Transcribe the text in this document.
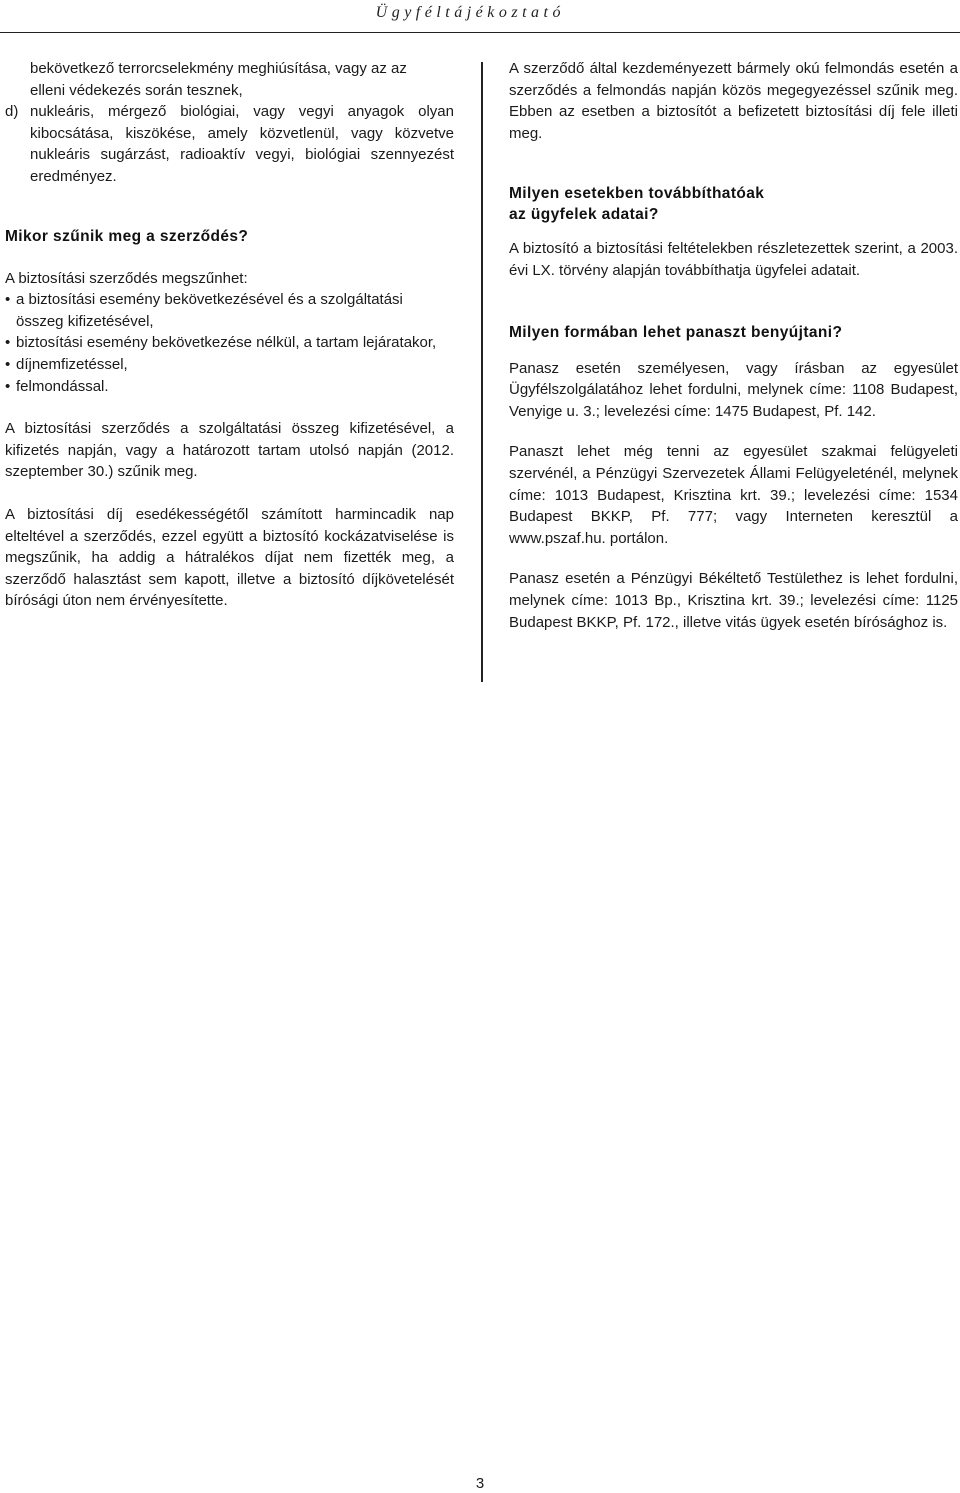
Ügyféltájékoztató

bekövetkező terrorcselekmény meghiúsítása, vagy az az

elleni védekezés során tesznek,

d) nukleáris, mérgező biológiai, vagy vegyi anyagok olyan kibocsátása, kiszökése, amely közvetlenül, vagy közvetve nukleáris sugárzást, radioaktív vegyi, biológiai szennyezést eredményez.
Mikor szűnik meg a szerződés?

A biztosítási szerződés megszűnhet:

• a biztosítási esemény bekövetkezésével és a szolgáltatási összeg kifizetésével,
• biztosítási esemény bekövetkezése nélkül, a tartam lejáratakor,
• díjnemfizetéssel,
• felmondással.

A biztosítási szerződés a szolgáltatási összeg kifizetésével, a kifizetés napján, vagy a határozott tartam utolsó napján (2012. szeptember 30.) szűnik meg.

A biztosítási díj esedékességétől számított harmincadik nap elteltével a szerződés, ezzel együtt a biztosító kockázatviselése is megszűnik, ha addig a hátralékos díjat nem fizették meg, a szerződő halasztást sem kapott, illetve a biztosító díjkövetelését bírósági úton nem érvényesítette.

A szerződő által kezdeményezett bármely okú felmondás esetén a szerződés a felmondás napján közös megegyezéssel szűnik meg. Ebben az esetben a biztosítót a befizetett biztosítási díj fele illeti meg.

Milyen esetekben továbbíthatóak
az ügyfelek adatai?

A biztosító a biztosítási feltételekben részletezettek szerint, a 2003. évi LX. törvény alapján továbbíthatja ügyfelei adatait.

Milyen formában lehet panaszt benyújtani?

Panasz esetén személyesen, vagy írásban az egyesület Ügyfélszolgálatához lehet fordulni, melynek címe: 1108 Budapest, Venyige u. 3.; levelezési címe: 1475 Budapest, Pf. 142.

Panaszt lehet még tenni az egyesület szakmai felügyeleti szervénél, a Pénzügyi Szervezetek Állami Felügyeleténél, melynek címe: 1013 Budapest, Krisztina krt. 39.; levelezési címe: 1534 Budapest BKKP, Pf. 777; vagy Interneten keresztül a www.pszaf.hu. portálon.

Panasz esetén a Pénzügyi Békéltető Testülethez is lehet fordulni, melynek címe: 1013 Bp., Krisztina krt. 39.; levelezési címe: 1125 Budapest BKKP, Pf. 172., illetve vitás ügyek esetén bírósághoz is.

3
